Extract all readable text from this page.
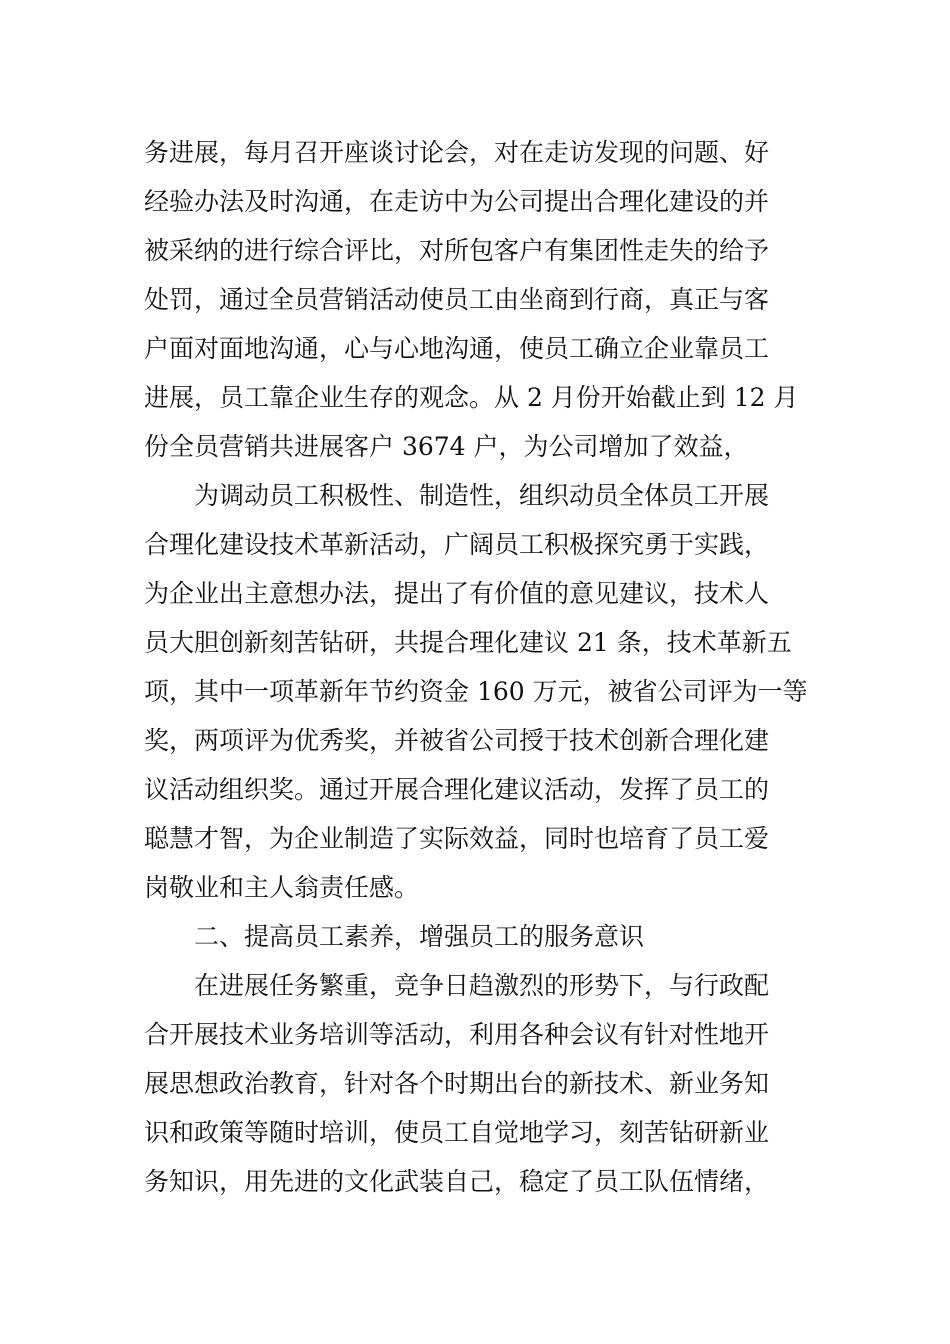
务进展，每月召开座谈讨论会，对在走访发现的问题、好
经验办法及时沟通，在走访中为公司提出合理化建设的并
被采纳的进行综合评比，对所包客户有集团性走失的给予
处罚，通过全员营销活动使员工由坐商到行商，真正与客
户面对面地沟通，心与心地沟通，使员工确立企业靠员工
进展，员工靠企业生存的观念。从 2 月份开始截止到 12 月
份全员营销共进展客户 3674 户，为公司增加了效益，
为调动员工积极性、制造性，组织动员全体员工开展
合理化建设技术革新活动，广阔员工积极探究勇于实践，
为企业出主意想办法，提出了有价值的意见建议，技术人
员大胆创新刻苦钻研，共提合理化建议 21 条，技术革新五
项，其中一项革新年节约资金 160 万元，被省公司评为一等
奖，两项评为优秀奖，并被省公司授于技术创新合理化建
议活动组织奖。通过开展合理化建议活动，发挥了员工的
聪慧才智，为企业制造了实际效益，同时也培育了员工爱
岗敬业和主人翁责任感。
二、提高员工素养，增强员工的服务意识
在进展任务繁重，竞争日趋激烈的形势下，与行政配
合开展技术业务培训等活动，利用各种会议有针对性地开
展思想政治教育，针对各个时期出台的新技术、新业务知
识和政策等随时培训，使员工自觉地学习，刻苦钻研新业
务知识，用先进的文化武装自己，稳定了员工队伍情绪，
